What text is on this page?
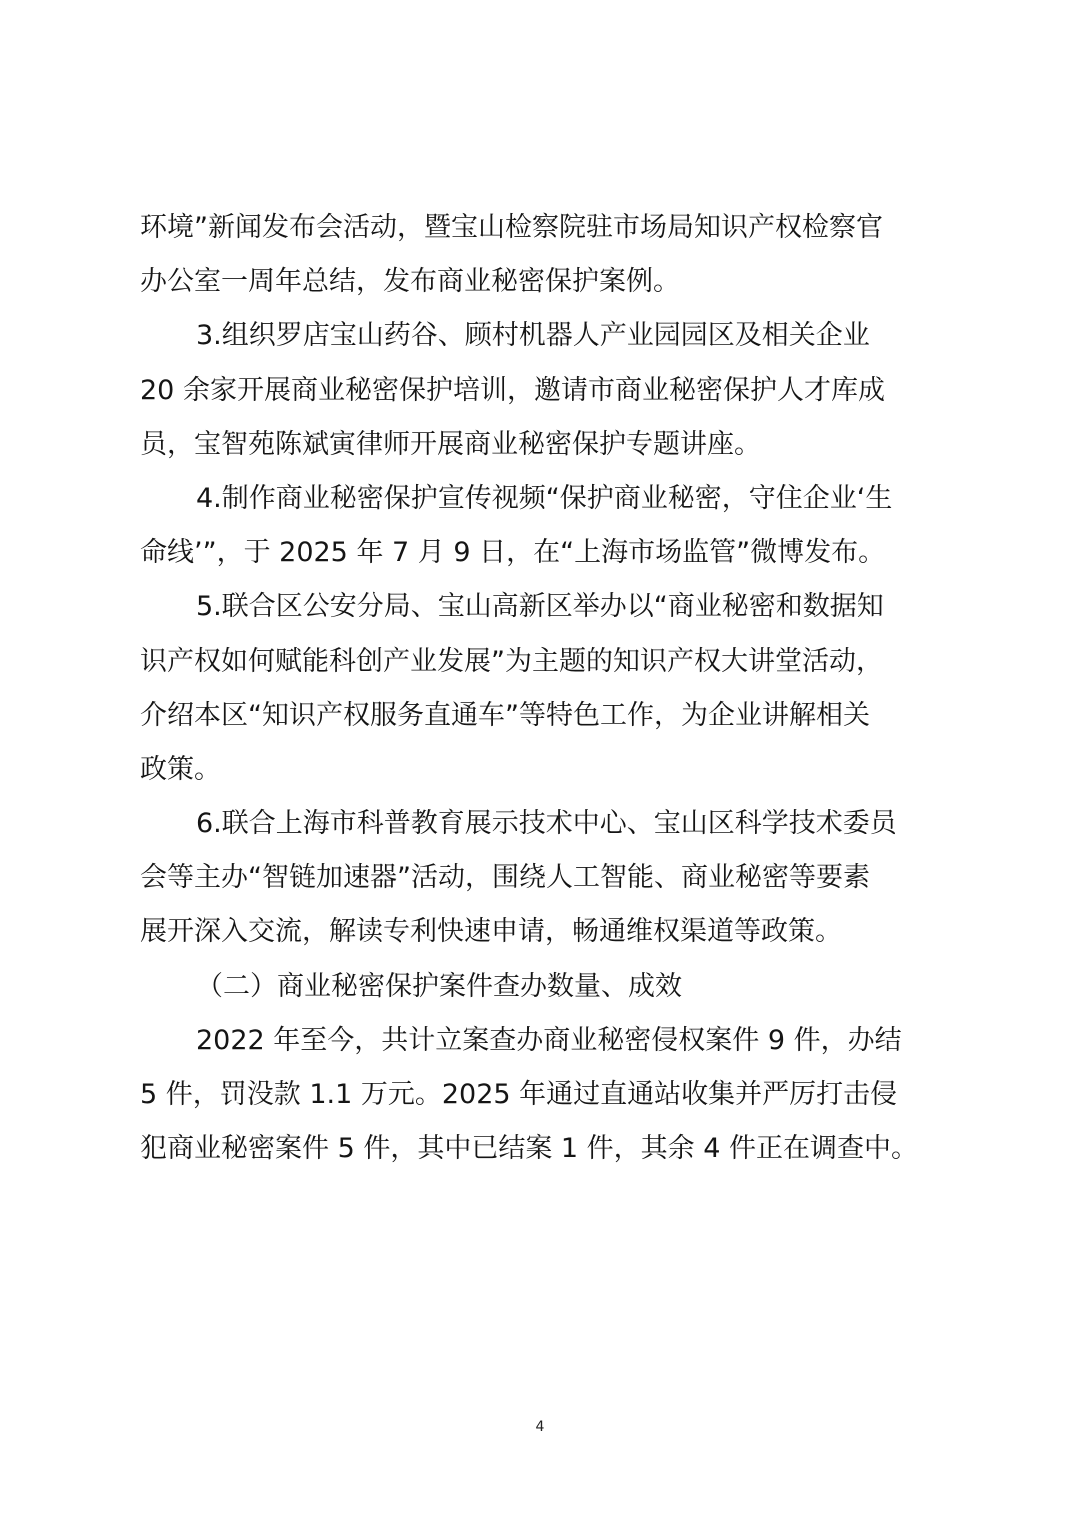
环境”新闻发布会活动，暨宝山检察院驻市场局知识产权检察官
办公室一周年总结，发布商业秘密保护案例。
3.组织罗店宝山药谷、顾村机器人产业园园区及相关企业
20 余家开展商业秘密保护培训，邀请市商业秘密保护人才库成
员，宝智苑陈斌寅律师开展商业秘密保护专题讲座。
4.制作商业秘密保护宣传视频“保护商业秘密，守住企业‘生
命线’”，于 2025 年 7 月 9 日，在“上海市场监管”微博发布。
5.联合区公安分局、宝山高新区举办以“商业秘密和数据知
识产权如何赋能科创产业发展”为主题的知识产权大讲堂活动，
介绍本区“知识产权服务直通车”等特色工作，为企业讲解相关
政策。
6.联合上海市科普教育展示技术中心、宝山区科学技术委员
会等主办“智链加速器”活动，围绕人工智能、商业秘密等要素
展开深入交流，解读专利快速申请，畅通维权渠道等政策。
（二）商业秘密保护案件查办数量、成效
2022 年至今，共计立案查办商业秘密侵权案件 9 件，办结
5 件，罚没款 1.1 万元。2025 年通过直通站收集并严厉打击侵
犯商业秘密案件 5 件，其中已结案 1 件，其余 4 件正在调查中。
4
